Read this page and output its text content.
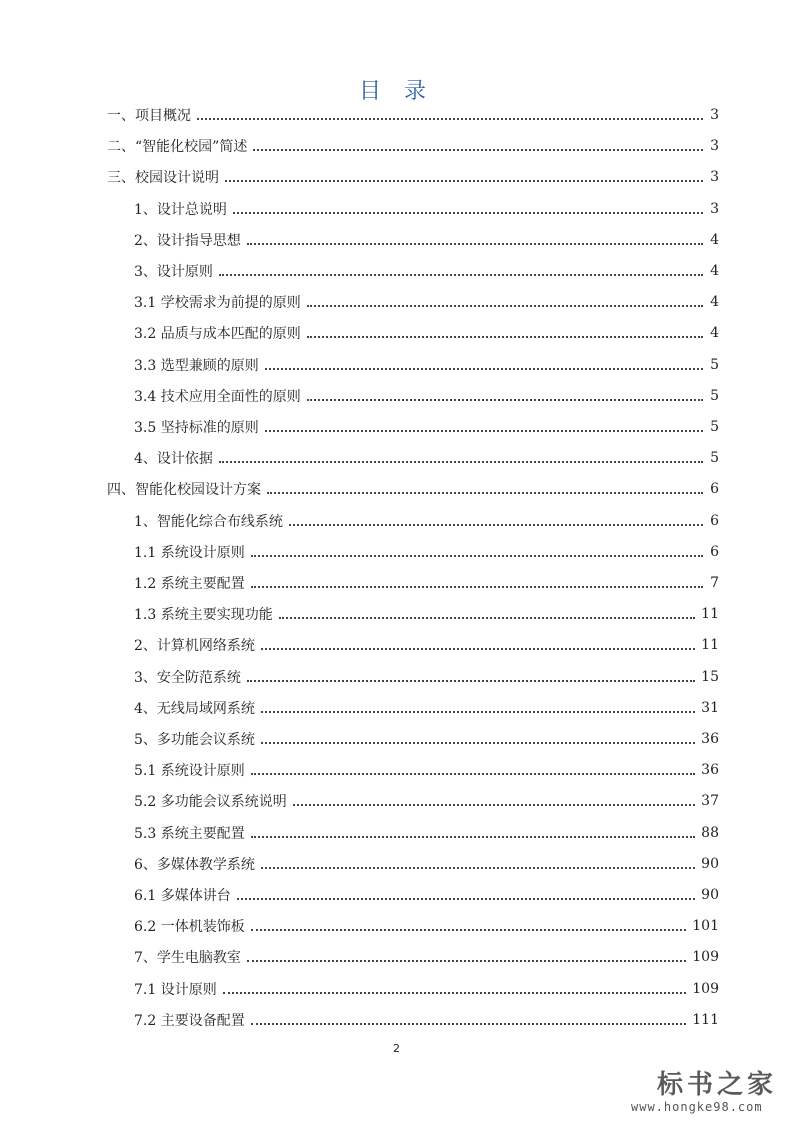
目 录
一、项目概况	3
二、“智能化校园”简述	3
三、校园设计说明	3
1、设计总说明	3
2、设计指导思想	4
3、设计原则	4
3.1 学校需求为前提的原则	4
3.2 品质与成本匹配的原则	4
3.3 选型兼顾的原则	5
3.4 技术应用全面性的原则	5
3.5 坚持标准的原则	5
4、设计依据	5
四、智能化校园设计方案	6
1、智能化综合布线系统	6
1.1 系统设计原则	6
1.2 系统主要配置	7
1.3 系统主要实现功能	11
2、计算机网络系统	11
3、安全防范系统	15
4、无线局域网系统	31
5、多功能会议系统	36
5.1 系统设计原则	36
5.2 多功能会议系统说明	37
5.3 系统主要配置	88
6、多媒体教学系统	90
6.1 多媒体讲台	90
6.2 一体机装饰板	101
7、学生电脑教室	109
7.1 设计原则	109
7.2 主要设备配置	111
2
标书之家
www.hongke98.com
